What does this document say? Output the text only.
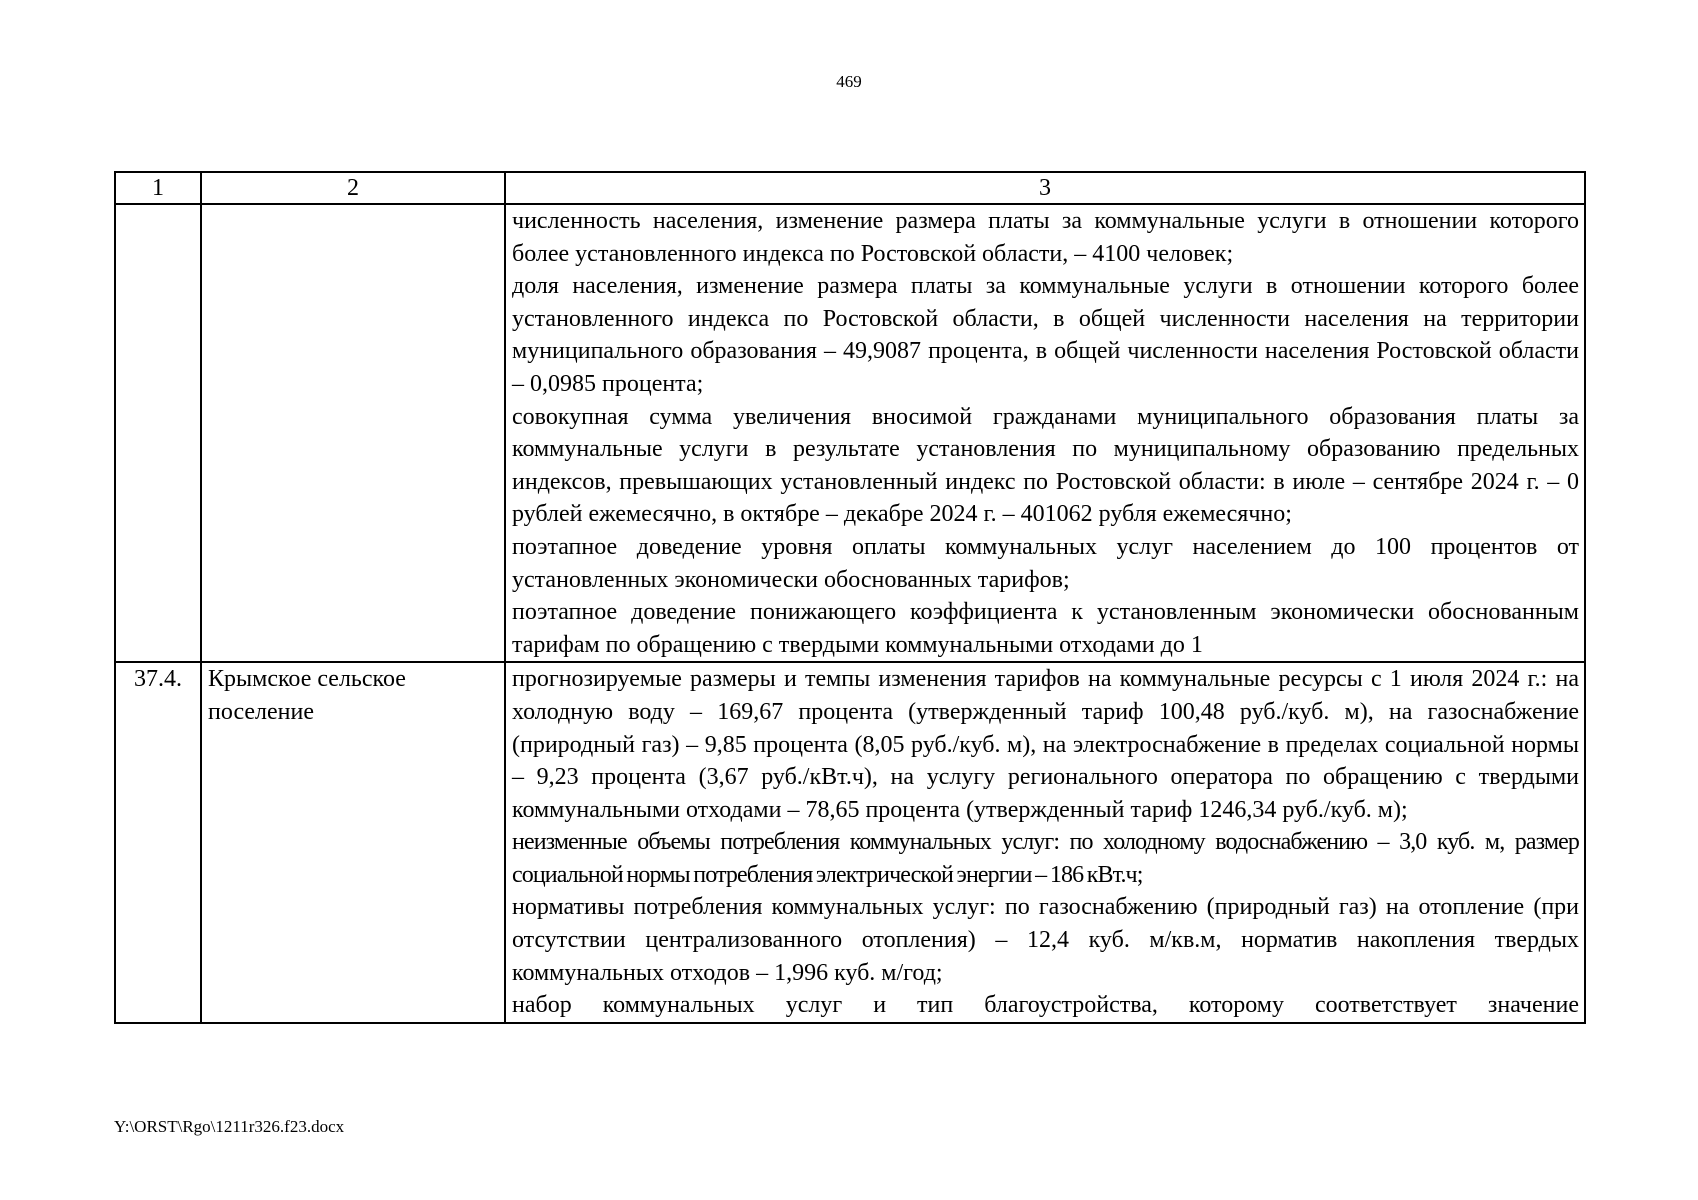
469
1	2	3

		численность населения, изменение размера платы за коммунальные услуги в отношении которого более установленного индекса по Ростовской области, – 4100 человек;

доля населения, изменение размера платы за коммунальные услуги в отношении которого более установленного индекса по Ростовской области, в общей численности населения на территории муниципального образования – 49,9087 процента, в общей численности населения Ростовской области – 0,0985 процента;

совокупная сумма увеличения вносимой гражданами муниципального образования платы за коммунальные услуги в результате установления по муниципальному образованию предельных индексов, превышающих установленный индекс по Ростовской области: в июле – сентябре 2024 г. – 0 рублей ежемесячно, в октябре – декабре 2024 г. – 401062 рубля ежемесячно;

поэтапное доведение уровня оплаты коммунальных услуг населением до 100 процентов от установленных экономически обоснованных тарифов;

поэтапное доведение понижающего коэффициента к установленным экономически обоснованным тарифам по обращению с твердыми коммунальными отходами до 1

37.4.	Крымское сельское поселение	прогнозируемые размеры и темпы изменения тарифов на коммунальные ресурсы с 1 июля 2024 г.: на холодную воду – 169,67 процента (утвержденный тариф 100,48 руб./куб. м), на газоснабжение (природный газ) – 9,85 процента (8,05 руб./куб. м), на электроснабжение в пределах социальной нормы – 9,23 процента (3,67 руб./кВт.ч), на услугу регионального оператора по обращению с твердыми коммунальными отходами – 78,65 процента (утвержденный тариф 1246,34 руб./куб. м);

неизменные объемы потребления коммунальных услуг: по холодному водоснабжению – 3,0 куб. м, размер социальной нормы потребления электрической энергии – 186 кВт.ч;

нормативы потребления коммунальных услуг: по газоснабжению (природный газ) на отопление (при отсутствии централизованного отопления) – 12,4 куб. м/кв.м, норматив накопления твердых коммунальных отходов – 1,996 куб. м/год;

набор коммунальных услуг и тип благоустройства, которому соответствует значение

Y:\ORST\Rgo\1211r326.f23.docx
